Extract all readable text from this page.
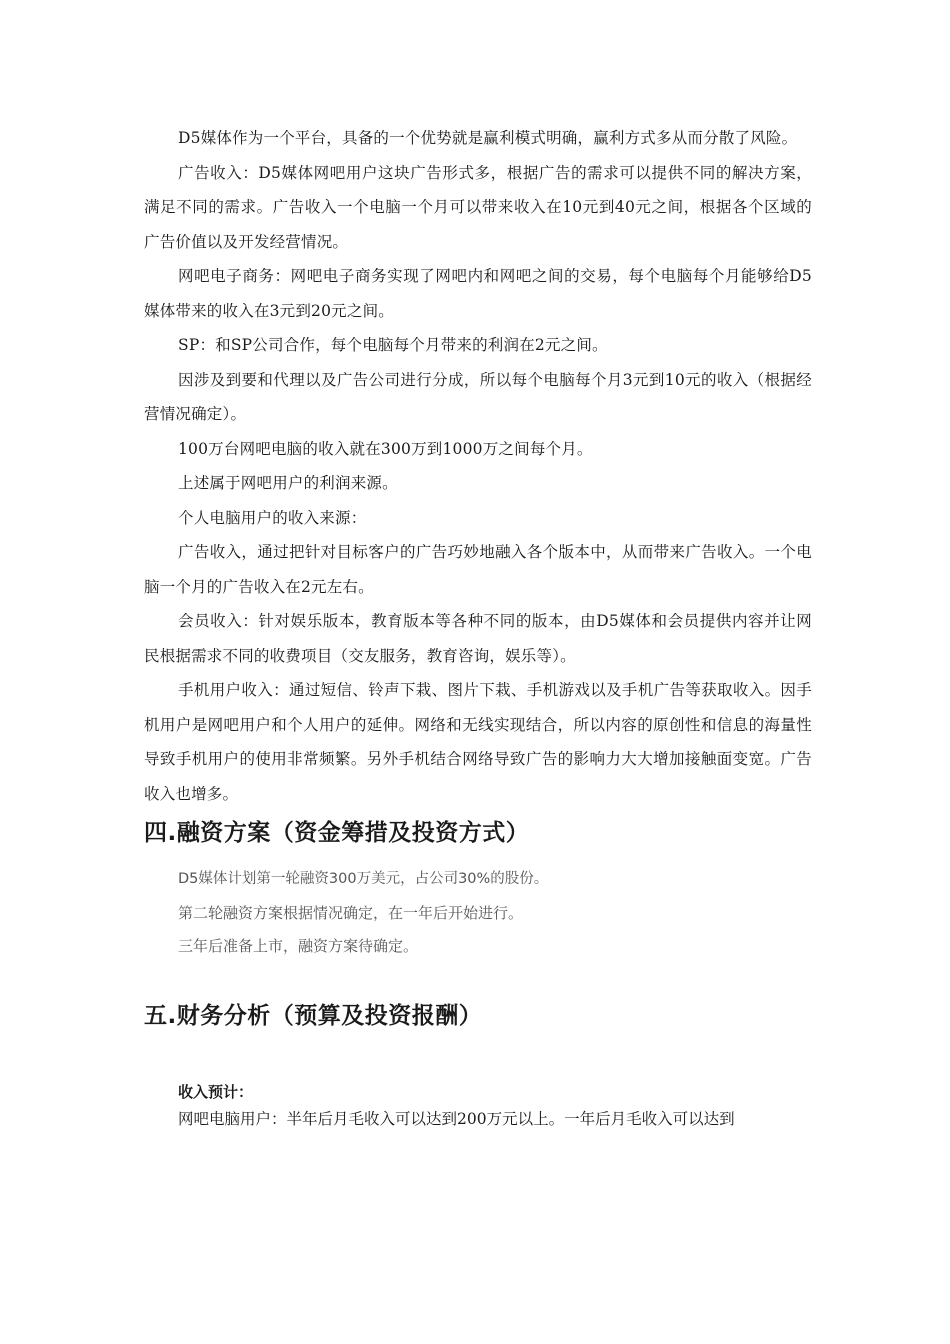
D5媒体作为一个平台，具备的一个优势就是赢利模式明确，赢利方式多从而分散了风险。

广告收入：D5媒体网吧用户这块广告形式多，根据广告的需求可以提供不同的解决方案，满足不同的需求。广告收入一个电脑一个月可以带来收入在10元到40元之间，根据各个区域的广告价值以及开发经营情况。

网吧电子商务：网吧电子商务实现了网吧内和网吧之间的交易，每个电脑每个月能够给D5媒体带来的收入在3元到20元之间。

SP：和SP公司合作，每个电脑每个月带来的利润在2元之间。

因涉及到要和代理以及广告公司进行分成，所以每个电脑每个月3元到10元的收入（根据经营情况确定）。

100万台网吧电脑的收入就在300万到1000万之间每个月。

上述属于网吧用户的利润来源。

个人电脑用户的收入来源：

广告收入，通过把针对目标客户的广告巧妙地融入各个版本中，从而带来广告收入。一个电脑一个月的广告收入在2元左右。

会员收入：针对娱乐版本，教育版本等各种不同的版本，由D5媒体和会员提供内容并让网民根据需求不同的收费项目（交友服务，教育咨询，娱乐等）。

手机用户收入：通过短信、铃声下栽、图片下栽、手机游戏以及手机广告等获取收入。因手机用户是网吧用户和个人用户的延伸。网络和无线实现结合，所以内容的原创性和信息的海量性导致手机用户的使用非常频繁。另外手机结合网络导致广告的影响力大大增加接触面变宽。广告收入也增多。

四.融资方案（资金筹措及投资方式）

D5媒体计划第一轮融资300万美元，占公司30%的股份。

第二轮融资方案根据情况确定，在一年后开始进行。

三年后准备上市，融资方案待确定。

五.财务分析（预算及投资报酬）

收入预计：

网吧电脑用户：半年后月毛收入可以达到200万元以上。一年后月毛收入可以达到
